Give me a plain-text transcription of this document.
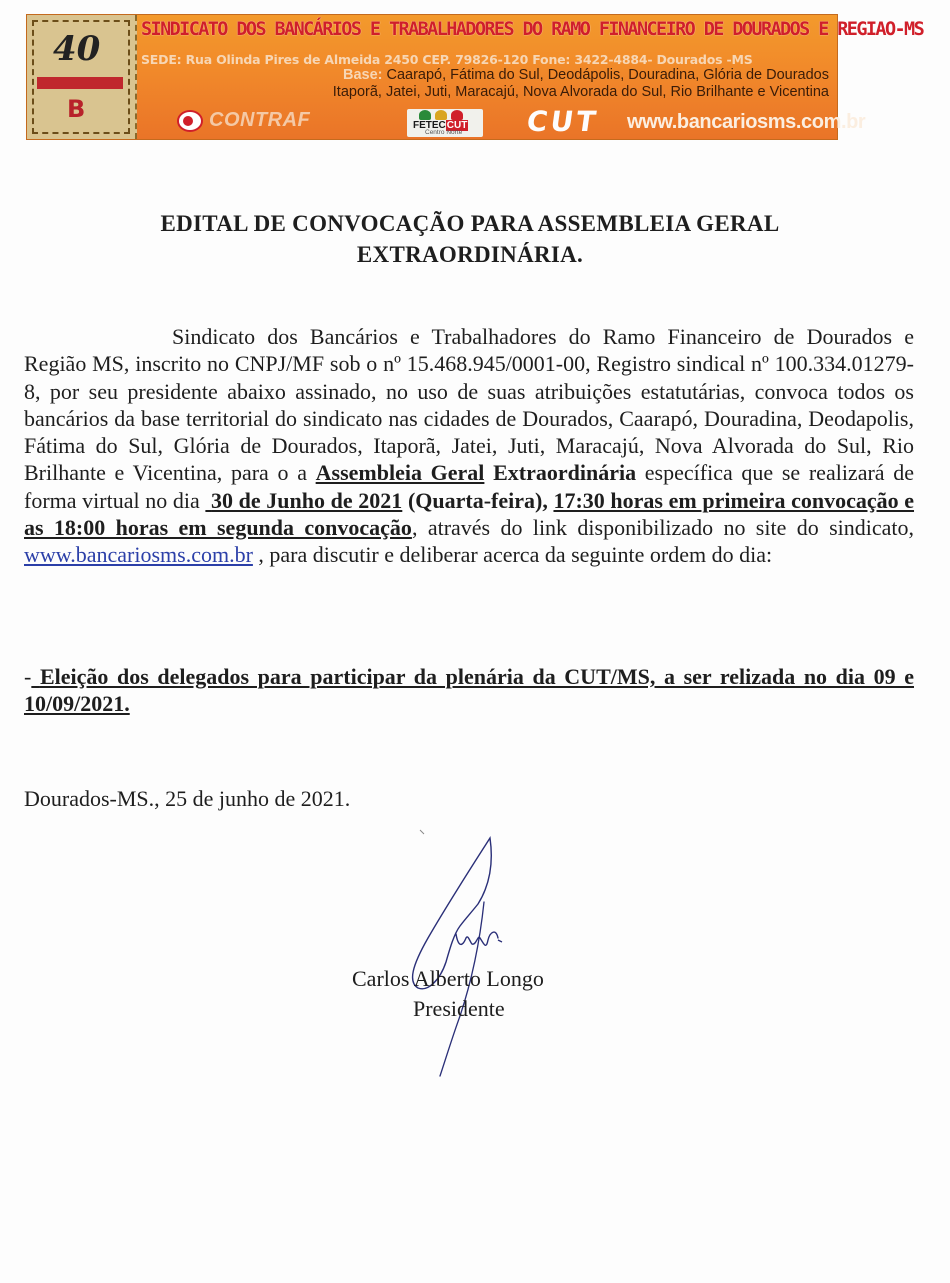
40
B
SINDICATO DOS BANCÁRIOS E TRABALHADORES DO RAMO FINANCEIRO DE DOURADOS E REGIAO-MS
SEDE: Rua Olinda Pires de Almeida 2450 CEP. 79826-120 Fone: 3422-4884- Dourados -MS
Base: Caarapó, Fátima do Sul, Deodápolis, Douradina, Glória de Dourados
Itaporã, Jatei, Juti, Maracajú, Nova Alvorada do Sul, Rio Brilhante e Vicentina
CONTRAF	FETECCUT
Centro Norte CUT www.bancariosms.com.br
EDITAL DE CONVOCAÇÃO PARA ASSEMBLEIA GERAL
EXTRAORDINÁRIA.
Sindicato dos Bancários e Trabalhadores do Ramo Financeiro de Dourados e Região MS, inscrito no CNPJ/MF sob o nº 15.468.945/0001-00, Registro sindical nº 100.334.01279-8, por seu presidente abaixo assinado, no uso de suas atribuições estatutárias, convoca todos os bancários da base territorial do sindicato nas cidades de Dourados, Caarapó, Douradina, Deodapolis, Fátima do Sul, Glória de Dourados, Itaporã, Jatei, Juti, Maracajú, Nova Alvorada do Sul, Rio Brilhante e Vicentina, para o a Assembleia Geral Extraordinária específica que se realizará de forma virtual no dia 30 de Junho de 2021 (Quarta-feira), 17:30 horas em primeira convocação e as 18:00 horas em segunda convocação, através do link disponibilizado no site do sindicato, www.bancariosms.com.br , para discutir e deliberar acerca da seguinte ordem do dia:
- Eleição dos delegados para participar da plenária da CUT/MS, a ser relizada no dia 09 e 10/09/2021.
Dourados-MS., 25 de junho de 2021.
Carlos Alberto Longo
Presidente
